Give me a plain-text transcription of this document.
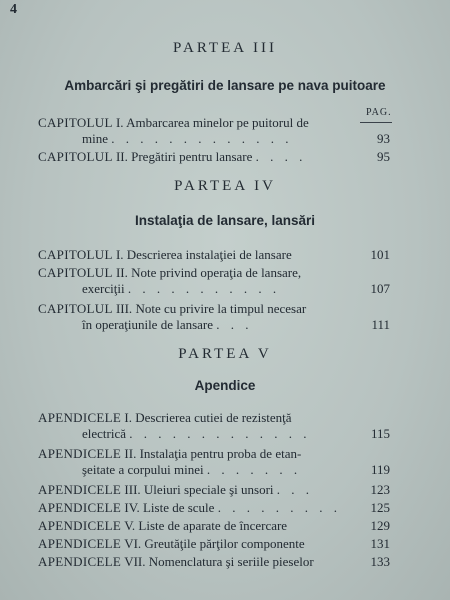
4
PARTEA III
Ambarcări şi pregătiri de lansare pe nava puitoare
PAG.
CAPITOLUL I. Ambarcarea minelor pe puitorul de
mine . . . . . . . . . . . . .	93
CAPITOLUL II. Pregătiri pentru lansare . . . .	95
PARTEA IV
Instalaţia de lansare, lansări
CAPITOLUL I. Descrierea instalaţiei de lansare	101
CAPITOLUL II. Note privind operaţia de lansare,
exerciţii . . . . . . . . . . .	107
CAPITOLUL III. Note cu privire la timpul necesar
în operaţiunile de lansare . . .	111
PARTEA V
Apendice
APENDICELE I. Descrierea cutiei de rezistenţă
electrică . . . . . . . . . . . . .	115
APENDICELE II. Instalaţia pentru proba de etan-
şeitate a corpului minei . . . . . . .	119
APENDICELE III. Uleiuri speciale şi unsori . . .	123
APENDICELE IV. Liste de scule . . . . . . . . . 125
APENDICELE V. Liste de aparate de încercare	129
APENDICELE VI. Greutăţile părţilor componente	131
APENDICELE VII. Nomenclatura şi seriile pieselor	133
